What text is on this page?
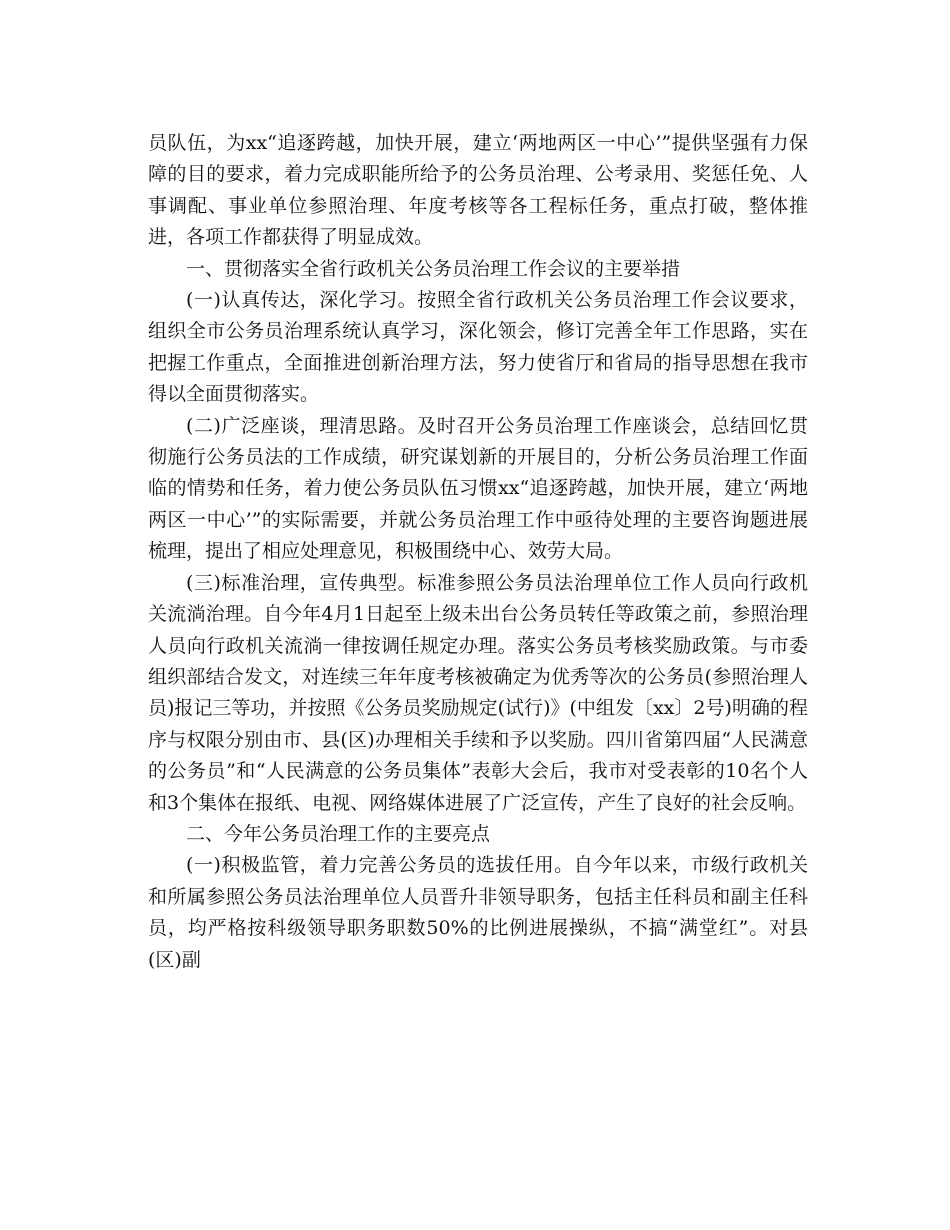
员队伍，为xx“追逐跨越，加快开展，建立‘两地两区一中心’”提供坚强有力保障的目的要求，着力完成职能所给予的公务员治理、公考录用、奖惩任免、人事调配、事业单位参照治理、年度考核等各工程标任务，重点打破，整体推进，各项工作都获得了明显成效。

一、贯彻落实全省行政机关公务员治理工作会议的主要举措

(一)认真传达，深化学习。按照全省行政机关公务员治理工作会议要求，组织全市公务员治理系统认真学习，深化领会，修订完善全年工作思路，实在把握工作重点，全面推进创新治理方法，努力使省厅和省局的指导思想在我市得以全面贯彻落实。

(二)广泛座谈，理清思路。及时召开公务员治理工作座谈会，总结回忆贯彻施行公务员法的工作成绩，研究谋划新的开展目的，分析公务员治理工作面临的情势和任务，着力使公务员队伍习惯xx“追逐跨越，加快开展，建立‘两地两区一中心’”的实际需要，并就公务员治理工作中亟待处理的主要咨询题进展梳理，提出了相应处理意见，积极围绕中心、效劳大局。

(三)标准治理，宣传典型。标准参照公务员法治理单位工作人员向行政机关流淌治理。自今年4月1日起至上级未出台公务员转任等政策之前，参照治理人员向行政机关流淌一律按调任规定办理。落实公务员考核奖励政策。与市委组织部结合发文，对连续三年年度考核被确定为优秀等次的公务员(参照治理人员)报记三等功，并按照《公务员奖励规定(试行)》(中组发〔xx〕2号)明确的程序与权限分别由市、县(区)办理相关手续和予以奖励。四川省第四届“人民满意的公务员”和“人民满意的公务员集体”表彰大会后，我市对受表彰的10名个人和3个集体在报纸、电视、网络媒体进展了广泛宣传，产生了良好的社会反响。

二、今年公务员治理工作的主要亮点

(一)积极监管，着力完善公务员的选拔任用。自今年以来，市级行政机关和所属参照公务员法治理单位人员晋升非领导职务，包括主任科员和副主任科员，均严格按科级领导职务职数50%的比例进展操纵，不搞“满堂红”。对县(区)副
